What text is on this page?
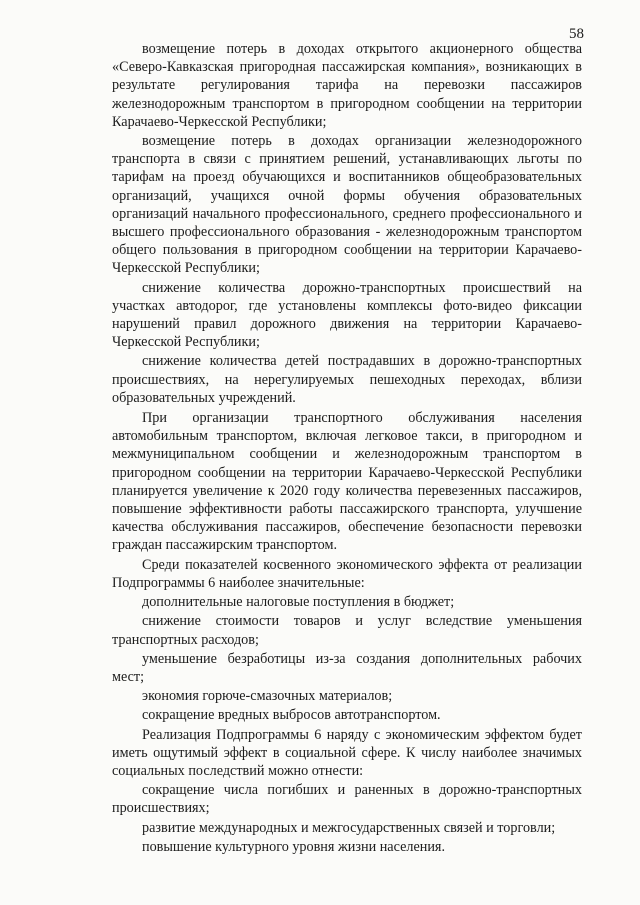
58

возмещение потерь в доходах открытого акционерного общества «Северо-Кавказская пригородная пассажирская компания», возникающих в результате регулирования тарифа на перевозки пассажиров железнодорожным транспортом в пригородном сообщении на территории Карачаево-Черкесской Республики;

возмещение потерь в доходах организации железнодорожного транспорта в связи с принятием решений, устанавливающих льготы по тарифам на проезд обучающихся и воспитанников общеобразовательных организаций, учащихся очной формы обучения образовательных организаций начального профессионального, среднего профессионального и высшего профессионального образования - железнодорожным транспортом общего пользования в пригородном сообщении на территории Карачаево-Черкесской Республики;

снижение количества дорожно-транспортных происшествий на участках автодорог, где установлены комплексы фото-видео фиксации нарушений правил дорожного движения на территории Карачаево-Черкесской Республики;

снижение количества детей пострадавших в дорожно-транспортных происшествиях, на нерегулируемых пешеходных переходах, вблизи образовательных учреждений.

При организации транспортного обслуживания населения автомобильным транспортом, включая легковое такси, в пригородном и межмуниципальном сообщении и железнодорожным транспортом в пригородном сообщении на территории Карачаево-Черкесской Республики планируется увеличение к 2020 году количества перевезенных пассажиров, повышение эффективности работы пассажирского транспорта, улучшение качества обслуживания пассажиров, обеспечение безопасности перевозки граждан пассажирским транспортом.

Среди показателей косвенного экономического эффекта от реализации Подпрограммы 6 наиболее значительные:

дополнительные налоговые поступления в бюджет;

снижение стоимости товаров и услуг вследствие уменьшения транспортных расходов;

уменьшение безработицы из-за создания дополнительных рабочих мест;

экономия горюче-смазочных материалов;

сокращение вредных выбросов автотранспортом.

Реализация Подпрограммы 6 наряду с экономическим эффектом будет иметь ощутимый эффект в социальной сфере. К числу наиболее значимых социальных последствий можно отнести:

сокращение числа погибших и раненных в дорожно-транспортных происшествиях;

развитие международных и межгосударственных связей и торговли;

повышение культурного уровня жизни населения.
